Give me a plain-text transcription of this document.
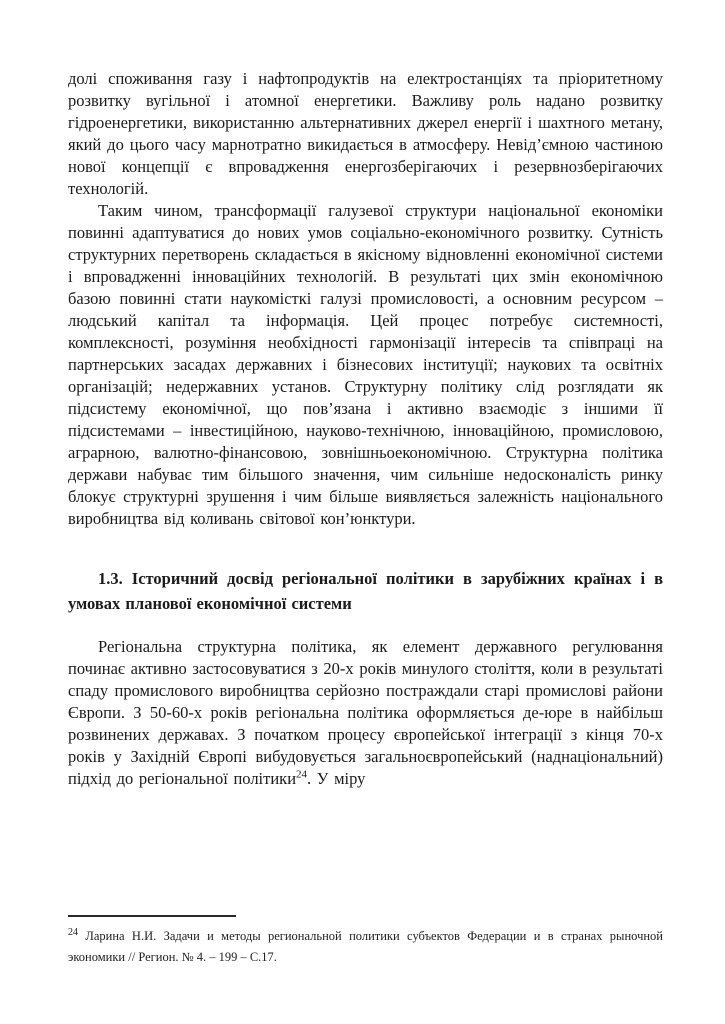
долі споживання газу і нафтопродуктів на електростанціях та пріоритетному розвитку вугільної і атомної енергетики. Важливу роль надано розвитку гідроенергетики, використанню альтернативних джерел енергії і шахтного метану, який до цього часу марнотратно викидається в атмосферу. Невід’ємною частиною нової концепції є впровадження енергозберігаючих і резервнозберігаючих технологій.

Таким чином, трансформації галузевої структури національної економіки повинні адаптуватися до нових умов соціально-економічного розвитку. Сутність структурних перетворень складається в якісному відновленні економічної системи і впровадженні інноваційних технологій. В результаті цих змін економічною базою повинні стати наукомісткі галузі промисловості, а основним ресурсом – людський капітал та інформація. Цей процес потребує системності, комплексності, розуміння необхідності гармонізації інтересів та співпраці на партнерських засадах державних і бізнесових інституції; наукових та освітніх організацій; недержавних установ. Структурну політику слід розглядати як підсистему економічної, що пов’язана і активно взаємодіє з іншими її підсистемами – інвестиційною, науково-технічною, інноваційною, промисловою, аграрною, валютно-фінансовою, зовнішньоекономічною. Структурна політика держави набуває тим більшого значення, чим сильніше недосконалість ринку блокує структурні зрушення і чим більше виявляється залежність національного виробництва від коливань світової кон’юнктури.

1.3. Історичний досвід регіональної політики в зарубіжних країнах і в умовах планової економічної системи

Регіональна структурна політика, як елемент державного регулювання починає активно застосовуватися з 20-х років минулого століття, коли в результаті спаду промислового виробництва серйозно постраждали старі промислові райони Європи. З 50-60-х років регіональна політика оформляється де-юре в найбільш розвинених державах. З початком процесу європейської інтеграції з кінця 70-х років у Західній Європі вибудовується загальноєвропейський (наднаціональний) підхід до регіональної політики$^{24}$. У міру

$^{24}$ Ларина Н.И. Задачи и методы региональной политики субъектов Федерации и в странах рыночной экономики // Регион. № 4. – 199 – С.17.
